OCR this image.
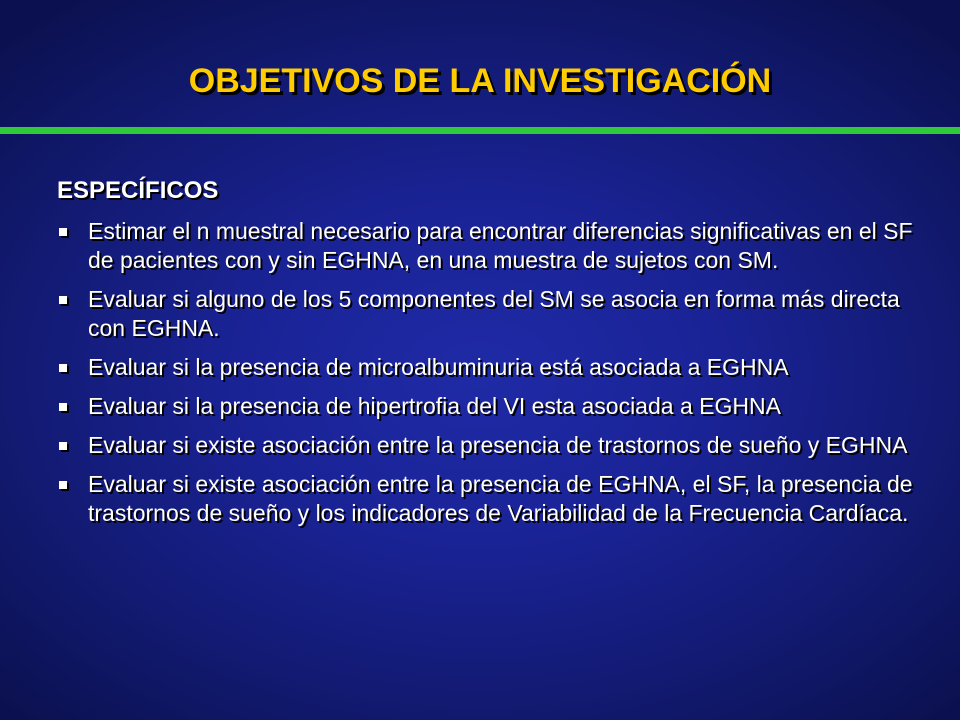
OBJETIVOS DE LA INVESTIGACIÓN
ESPECÍFICOS
Estimar el n muestral necesario para encontrar diferencias significativas en el SF de pacientes con y sin EGHNA, en una muestra de sujetos con SM.
Evaluar si alguno de los 5 componentes del SM se asocia en forma más directa con EGHNA.
Evaluar si la presencia de microalbuminuria está asociada a EGHNA
Evaluar si la presencia de hipertrofia del VI esta asociada a EGHNA
Evaluar si existe asociación entre la presencia de trastornos de sueño y EGHNA
Evaluar si existe asociación entre la presencia de EGHNA, el SF, la presencia de trastornos de sueño y los indicadores de Variabilidad de la Frecuencia Cardíaca.
